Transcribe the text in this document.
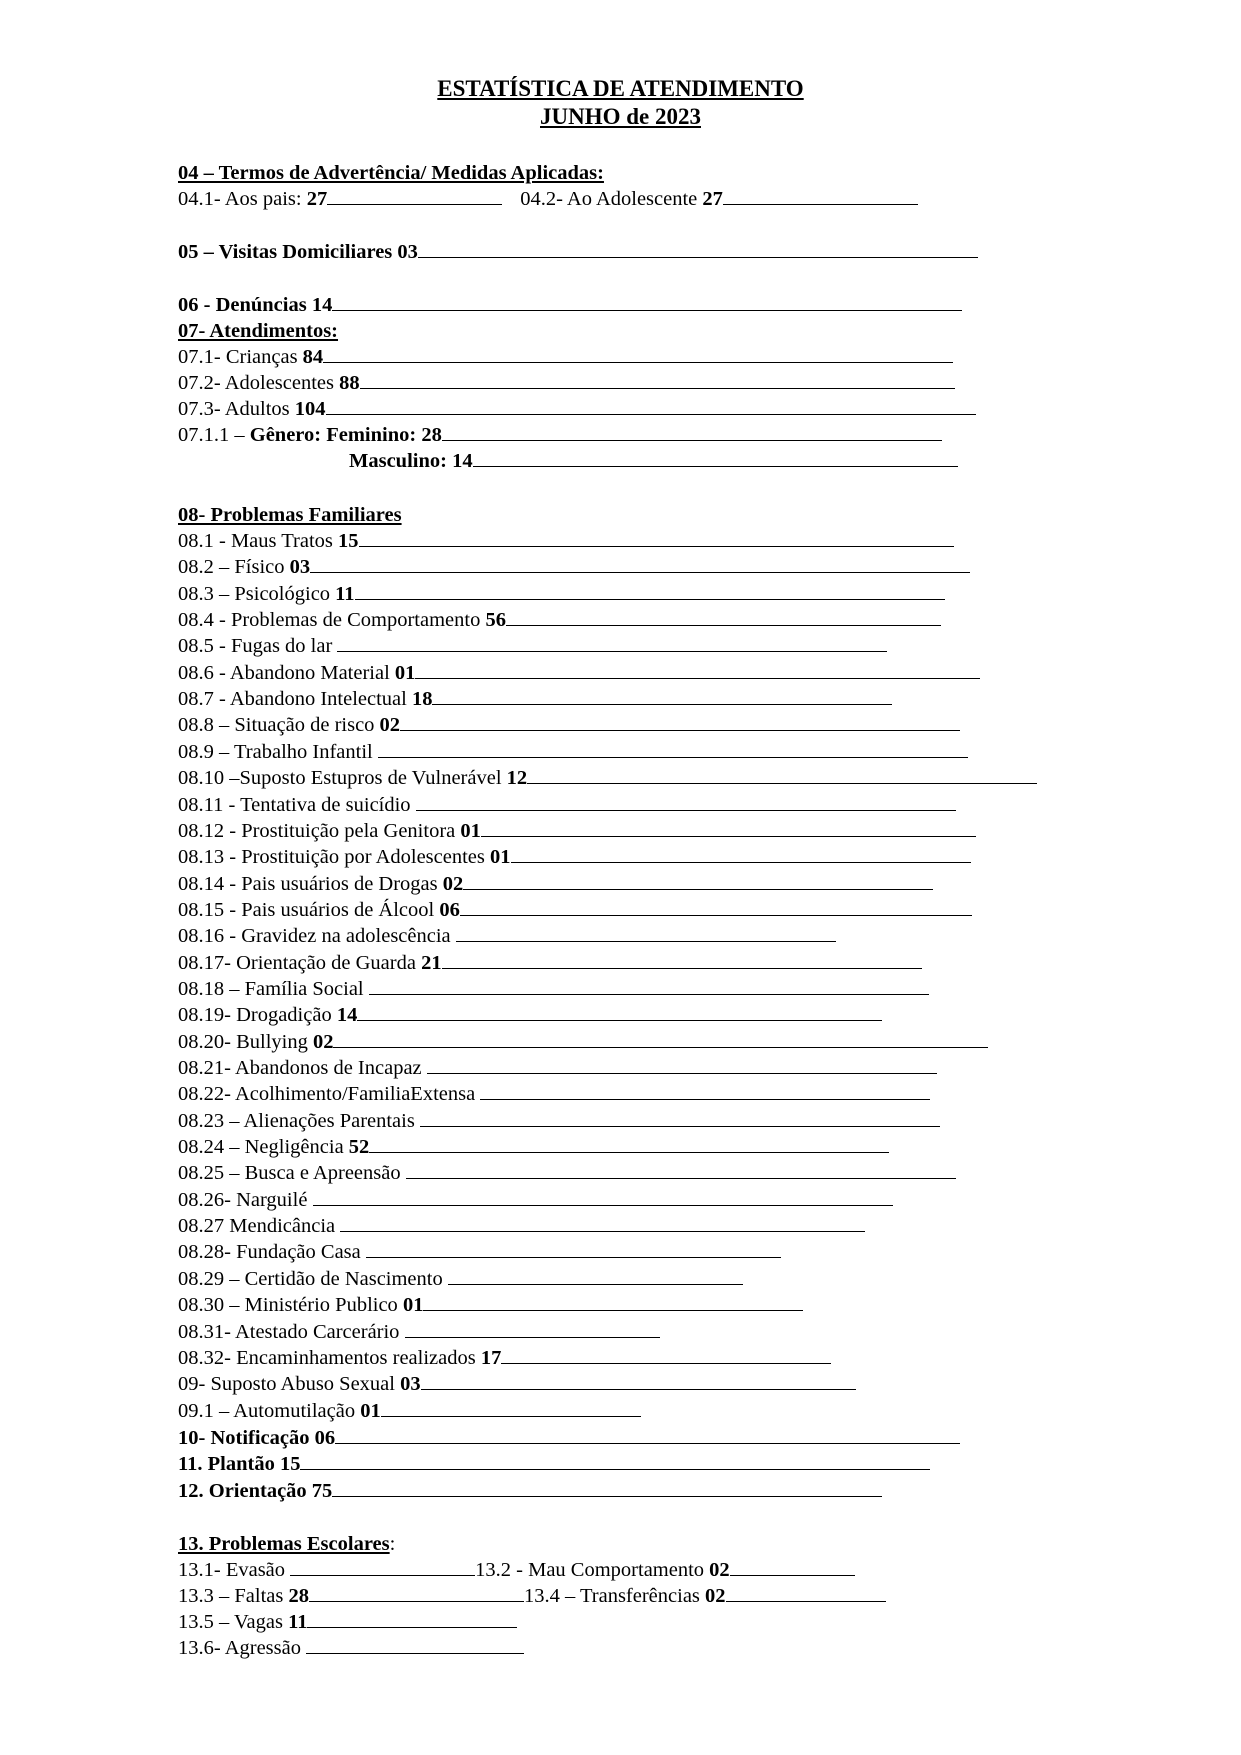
ESTATÍSTICA DE ATENDIMENTO
JUNHO de 2023
04 – Termos de Advertência/ Medidas Aplicadas:
04.1- Aos pais: 27	04.2- Ao Adolescente 27
05 – Visitas Domiciliares 03
06 - Denúncias 14
07- Atendimentos:
07.1- Crianças 84
07.2- Adolescentes 88
07.3- Adultos 104
07.1.1 – Gênero: Feminino: 28
Masculino: 14
08- Problemas Familiares
08.1 - Maus Tratos 15
08.2 – Físico 03
08.3 – Psicológico 11
08.4 - Problemas de Comportamento 56
08.5 - Fugas do lar
08.6 - Abandono Material 01
08.7 - Abandono Intelectual 18
08.8 – Situação de risco 02
08.9 – Trabalho Infantil
08.10 –Suposto Estupros de Vulnerável 12
08.11 - Tentativa de suicídio
08.12 - Prostituição pela Genitora 01
08.13 - Prostituição por Adolescentes 01
08.14 - Pais usuários de Drogas 02
08.15 - Pais usuários de Álcool 06
08.16 - Gravidez na adolescência
08.17- Orientação de Guarda 21
08.18 – Família Social
08.19- Drogadição 14
08.20- Bullying 02
08.21- Abandonos de Incapaz
08.22- Acolhimento/FamiliaExtensa
08.23 – Alienações Parentais
08.24 – Negligência 52
08.25 – Busca e Apreensão
08.26- Narguilé
08.27 Mendicância
08.28- Fundação Casa
08.29 – Certidão de Nascimento
08.30 – Ministério Publico 01
08.31- Atestado Carcerário
08.32- Encaminhamentos realizados 17
09- Suposto Abuso Sexual 03
09.1 – Automutilação 01
10- Notificação 06
11. Plantão 15
12. Orientação 75
13. Problemas Escolares:
13.1- Evasão	13.2 - Mau Comportamento 02
13.3 – Faltas 28	13.4 – Transferências 02
13.5 – Vagas 11
13.6- Agressão
